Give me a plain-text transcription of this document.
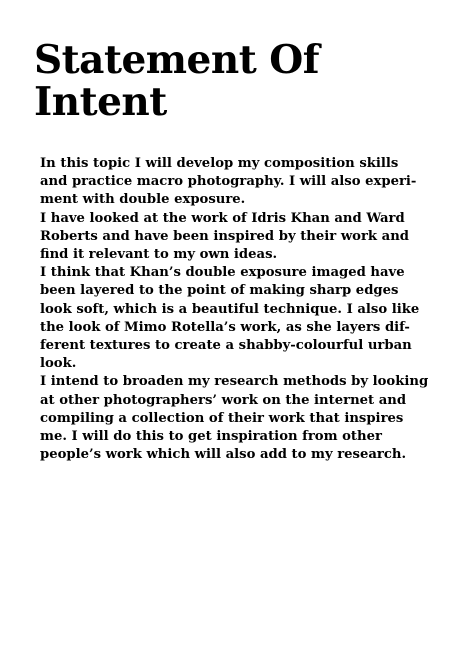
Statement Of
Intent
In this topic I will develop my composition skills
and practice macro photography. I will also experi-
ment with double exposure.
I have looked at the work of Idris Khan and Ward
Roberts and have been inspired by their work and
find it relevant to my own ideas.
I think that Khan’s double exposure imaged have
been layered to the point of making sharp edges
look soft, which is a beautiful technique. I also like
the look of Mimo Rotella’s work, as she layers dif-
ferent textures to create a shabby-colourful urban
look.
I intend to broaden my research methods by looking
at other photographers’ work on the internet and
compiling a collection of their work that inspires
me. I will do this to get inspiration from other
people’s work which will also add to my research.
